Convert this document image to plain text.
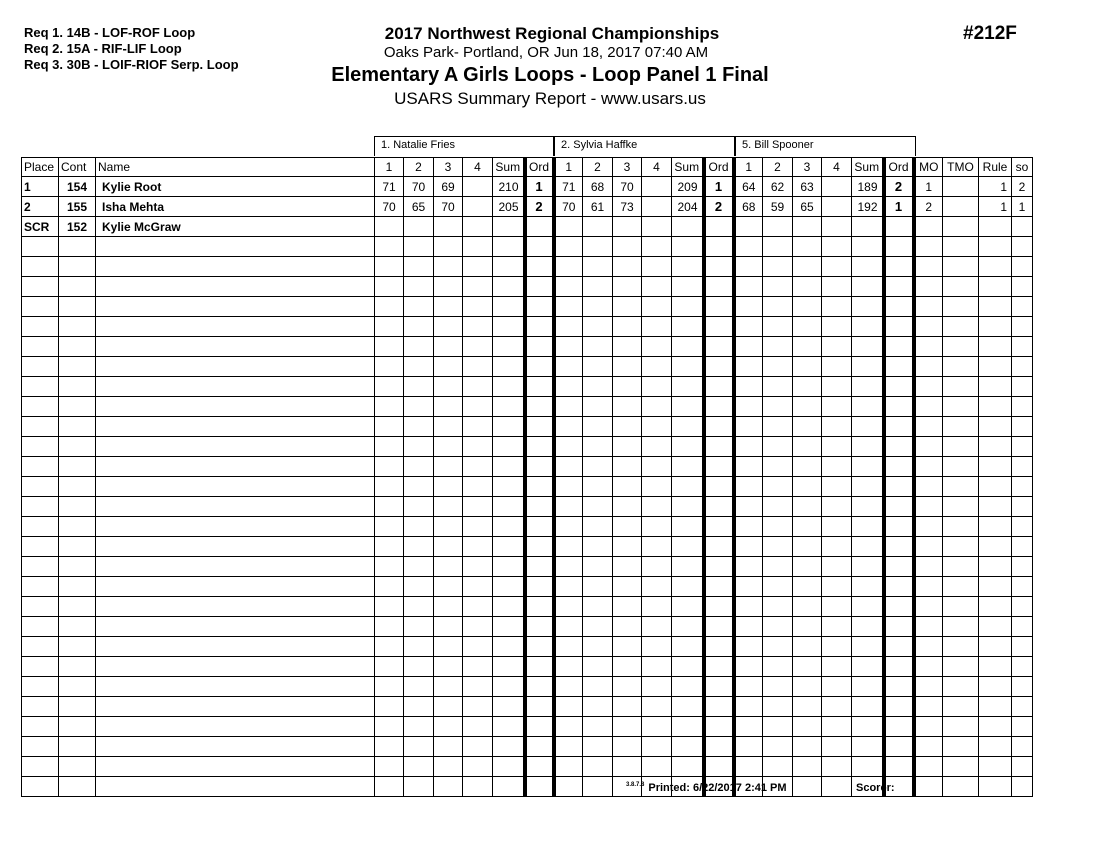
Req 1. 14B - LOF-ROF Loop
Req 2. 15A - RIF-LIF Loop
Req 3. 30B - LOIF-RIOF Serp. Loop
2017 Northwest Regional Championships
Oaks Park- Portland, OR Jun 18, 2017 07:40 AM
Elementary A Girls Loops - Loop Panel 1 Final
USARS Summary Report - www.usars.us
#212F
1. Natalie Fries	2. Sylvia Haffke	5. Bill Spooner
Place	Cont	Name	1	2	3	4	Sum	Ord	1	2	3	4	Sum	Ord	1	2	3	4	Sum	Ord	MO	TMO	Rule	so
1	154	Kylie Root	71	70	69		210	1	71	68	70		209	1	64	62	63		189	2	1		1	2
2	155	Isha Mehta	70	65	70		205	2	70	61	73		204	2	68	59	65		192	1	2		1	1
SCR	152	Kylie McGraw																						

$^{3.8.7.8}$ Printed: 6/22/2017 2:41 PM	Scorer:
